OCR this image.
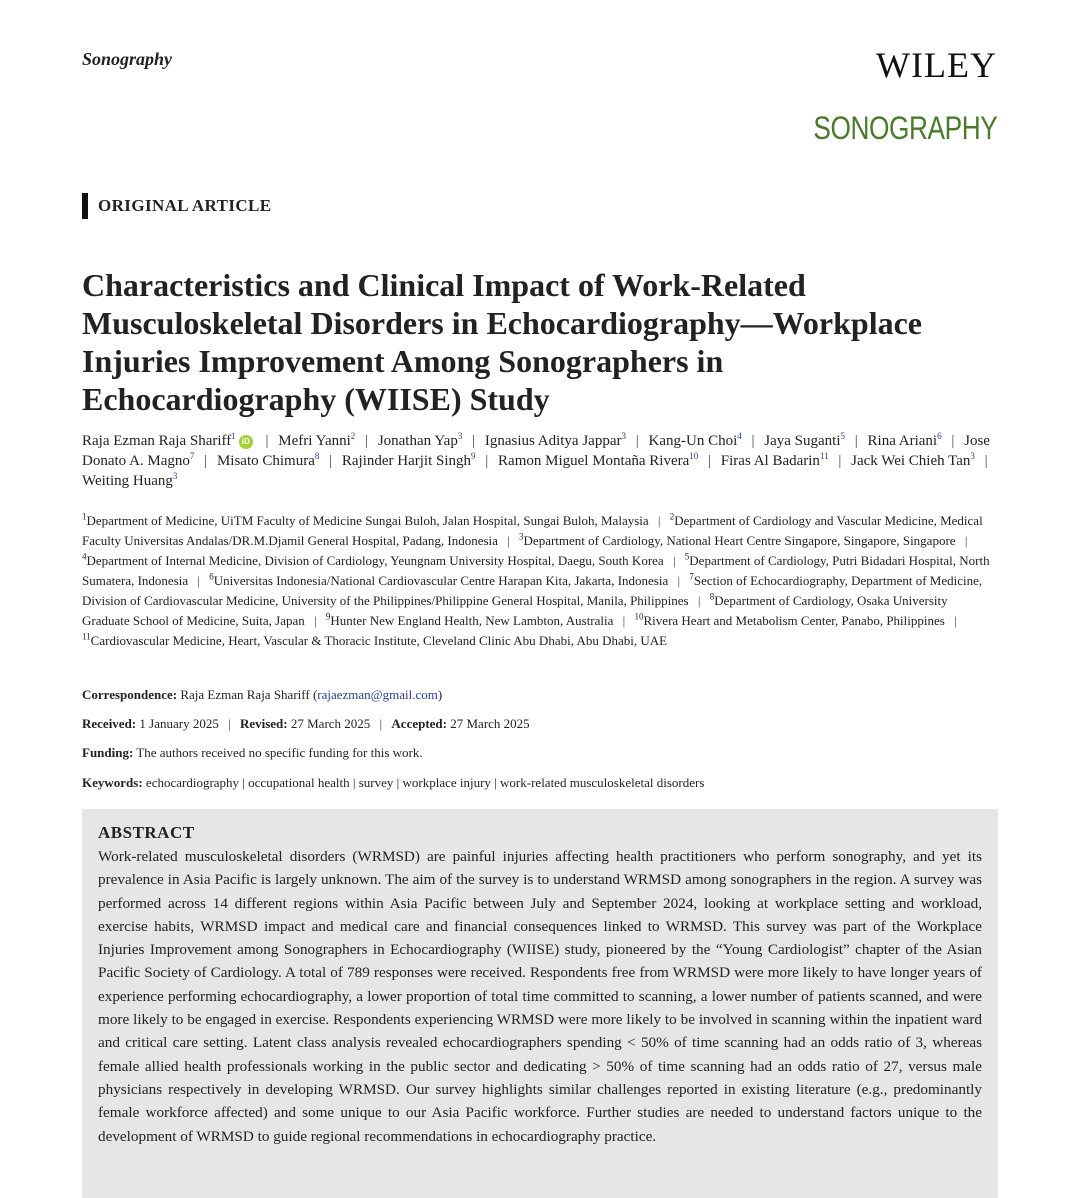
Sonography	WILEY
SONOGRAPHY
ORIGINAL ARTICLE
Characteristics and Clinical Impact of Work-Related Musculoskeletal Disorders in Echocardiography—Workplace Injuries Improvement Among Sonographers in Echocardiography (WIISE) Study
Raja Ezman Raja Shariff$^1$iD | Mefri Yanni$^2$ | Jonathan Yap$^3$ | Ignasius Aditya Jappar$^3$ | Kang-Un Choi$^4$ | Jaya Suganti$^5$ | Rina Ariani$^6$ | Jose Donato A. Magno$^7$ | Misato Chimura$^8$ | Rajinder Harjit Singh$^9$ | Ramon Miguel Montaña Rivera$^{10}$ | Firas Al Badarin$^{11}$ | Jack Wei Chieh Tan$^3$ | Weiting Huang$^3$
$^1$Department of Medicine, UiTM Faculty of Medicine Sungai Buloh, Jalan Hospital, Sungai Buloh, Malaysia | $^2$Department of Cardiology and Vascular Medicine, Medical Faculty Universitas Andalas/DR.M.Djamil General Hospital, Padang, Indonesia | $^3$Department of Cardiology, National Heart Centre Singapore, Singapore, Singapore | $^4$Department of Internal Medicine, Division of Cardiology, Yeungnam University Hospital, Daegu, South Korea | $^5$Department of Cardiology, Putri Bidadari Hospital, North Sumatera, Indonesia | $^6$Universitas Indonesia/National Cardiovascular Centre Harapan Kita, Jakarta, Indonesia | $^7$Section of Echocardiography, Department of Medicine, Division of Cardiovascular Medicine, University of the Philippines/Philippine General Hospital, Manila, Philippines | $^8$Department of Cardiology, Osaka University Graduate School of Medicine, Suita, Japan | $^9$Hunter New England Health, New Lambton, Australia | $^{10}$Rivera Heart and Metabolism Center, Panabo, Philippines | $^{11}$Cardiovascular Medicine, Heart, Vascular & Thoracic Institute, Cleveland Clinic Abu Dhabi, Abu Dhabi, UAE
Correspondence: Raja Ezman Raja Shariff (rajaezman@gmail.com)
Received: 1 January 2025 | Revised: 27 March 2025 | Accepted: 27 March 2025
Funding: The authors received no specific funding for this work.
Keywords: echocardiography | occupational health | survey | workplace injury | work-related musculoskeletal disorders
ABSTRACT

Work-related musculoskeletal disorders (WRMSD) are painful injuries affecting health practitioners who perform sonography, and yet its prevalence in Asia Pacific is largely unknown. The aim of the survey is to understand WRMSD among sonographers in the region. A survey was performed across 14 different regions within Asia Pacific between July and September 2024, looking at workplace setting and workload, exercise habits, WRMSD impact and medical care and financial consequences linked to WRMSD. This survey was part of the Workplace Injuries Improvement among Sonographers in Echocardiography (WIISE) study, pioneered by the “Young Cardiologist” chapter of the Asian Pacific Society of Cardiology. A total of 789 responses were received. Respondents free from WRMSD were more likely to have longer years of experience performing echocardiography, a lower proportion of total time committed to scanning, a lower number of patients scanned, and were more likely to be engaged in exercise. Respondents experiencing WRMSD were more likely to be involved in scanning within the inpatient ward and critical care setting. Latent class analysis revealed echocardiographers spending < 50% of time scanning had an odds ratio of 3, whereas female allied health professionals working in the public sector and dedicating > 50% of time scanning had an odds ratio of 27, versus male physicians respectively in developing WRMSD. Our survey highlights similar challenges reported in existing literature (e.g., predominantly female workforce affected) and some unique to our Asia Pacific workforce. Further studies are needed to understand factors unique to the development of WRMSD to guide regional recommendations in echocardiography practice.
